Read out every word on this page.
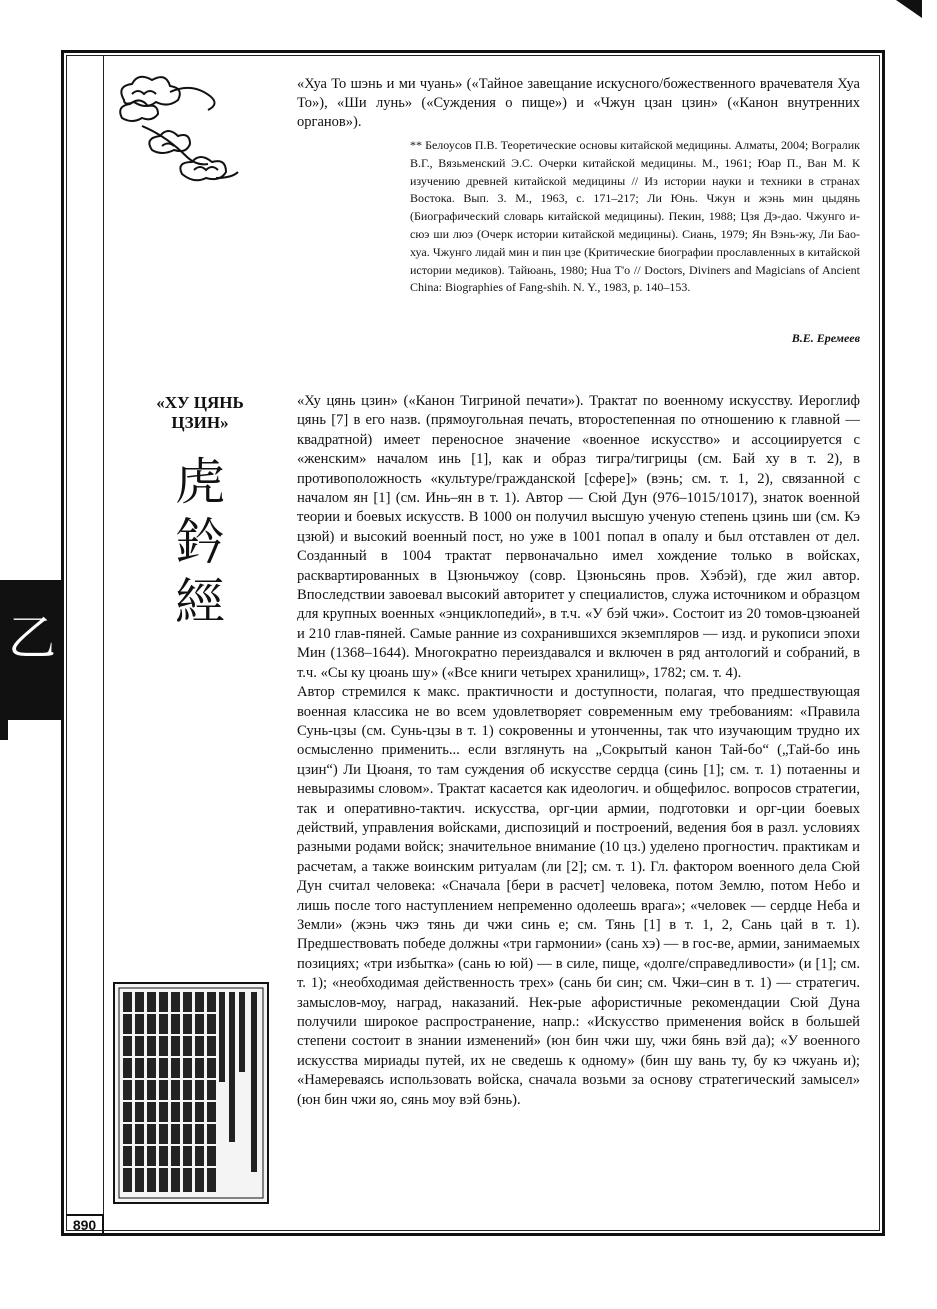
乙
890
«Хуа То шэнь и ми чуань» («Тайное завещание искусного/божественного врачевателя Хуа То»), «Ши лунь» («Суждения о пище») и «Чжун цзан цзин» («Канон внутренних органов»).
** Белоусов П.В. Теоретические основы китайской медицины. Алматы, 2004; Вогралик В.Г., Вязьменский Э.С. Очерки китайской медицины. М., 1961; Юар П., Ван М. К изучению древней китайской медицины // Из истории науки и техники в странах Востока. Вып. 3. М., 1963, с. 171–217; Ли Юнь. Чжун и жэнь мин цыдянь (Биографический словарь китайской медицины). Пекин, 1988; Цзя Дэ-дао. Чжунго и-сюэ ши люэ (Очерк истории китайской медицины). Сиань, 1979; Ян Вэнь-жу, Ли Бао-хуа. Чжунго лидай мин и пин цзе (Критические биографии прославленных в китайской истории медиков). Тайюань, 1980; Hua T'o // Doctors, Diviners and Magicians of Ancient China: Biographies of Fang-shih. N. Y., 1983, p. 140–153.
В.Е. Еремеев
«ХУ ЦЯНЬ
ЦЗИН»
虎
鈐
經

«Ху цянь цзин» («Канон Тигриной печати»). Трактат по военному искусству. Иероглиф цянь [7] в его назв. (прямоугольная печать, второстепенная по отношению к главной — квадратной) имеет переносное значение «военное искусство» и ассоциируется с «женским» началом инь [1], как и образ тигра/тигрицы (см. Бай ху в т. 2), в противоположность «культуре/гражданской [сфере]» (вэнь; см. т. 1, 2), связанной с началом ян [1] (см. Инь–ян в т. 1). Автор — Сюй Дун (976–1015/1017), знаток военной теории и боевых искусств. В 1000 он получил высшую ученую степень цзинь ши (см. Кэ цзюй) и высокий военный пост, но уже в 1001 попал в опалу и был отставлен от дел. Созданный в 1004 трактат первоначально имел хождение только в войсках, расквартированных в Цзюньчжоу (совр. Цзюньсянь пров. Хэбэй), где жил автор. Впоследствии завоевал высокий авторитет у специалистов, служа источником и образцом для крупных военных «энциклопедий», в т.ч. «У бэй чжи». Состоит из 20 томов-цзюаней и 210 глав-пяней. Самые ранние из сохранившихся экземпляров — изд. и рукописи эпохи Мин (1368–1644). Многократно переиздавался и включен в ряд антологий и собраний, в т.ч. «Сы ку цюань шу» («Все книги четырех хранилищ», 1782; см. т. 4).

Автор стремился к макс. практичности и доступности, полагая, что предшествующая военная классика не во всем удовлетворяет современным ему требованиям: «Правила Сунь-цзы (см. Сунь-цзы в т. 1) сокровенны и утонченны, так что изучающим трудно их осмысленно применить... если взглянуть на „Сокрытый канон Тай-бо“ („Тай-бо инь цзин“) Ли Цюаня, то там суждения об искусстве сердца (синь [1]; см. т. 1) потаенны и невыразимы словом». Трактат касается как идеологич. и общефилос. вопросов стратегии, так и оперативно-тактич. искусства, орг-ции армии, подготовки и орг-ции боевых действий, управления войсками, диспозиций и построений, ведения боя в разл. условиях разными родами войск; значительное внимание (10 цз.) уделено прогностич. практикам и расчетам, а также воинским ритуалам (ли [2]; см. т. 1). Гл. фактором военного дела Сюй Дун считал человека: «Сначала [бери в расчет] человека, потом Землю, потом Небо и лишь после того наступлением непременно одолеешь врага»; «человек — сердце Неба и Земли» (жэнь чжэ тянь ди чжи синь е; см. Тянь [1] в т. 1, 2, Сань цай в т. 1). Предшествовать победе должны «три гармонии» (сань хэ) — в гос-ве, армии, занимаемых позициях; «три избытка» (сань ю юй) — в силе, пище, «долге/справедливости» (и [1]; см. т. 1); «необходимая действенность трех» (сань би син; см. Чжи–син в т. 1) — стратегич. замыслов-моу, наград, наказаний. Нек-рые афористичные рекомендации Сюй Дуна получили широкое распространение, напр.: «Искусство применения войск в большей степени состоит в знании изменений» (юн бин чжи шу, чжи бянь вэй да); «У военного искусства мириады путей, их не сведешь к одному» (бин шу вань ту, бу кэ чжуань и); «Намереваясь использовать войска, сначала возьми за основу стратегический замысел» (юн бин чжи яо, сянь моу вэй бэнь).
